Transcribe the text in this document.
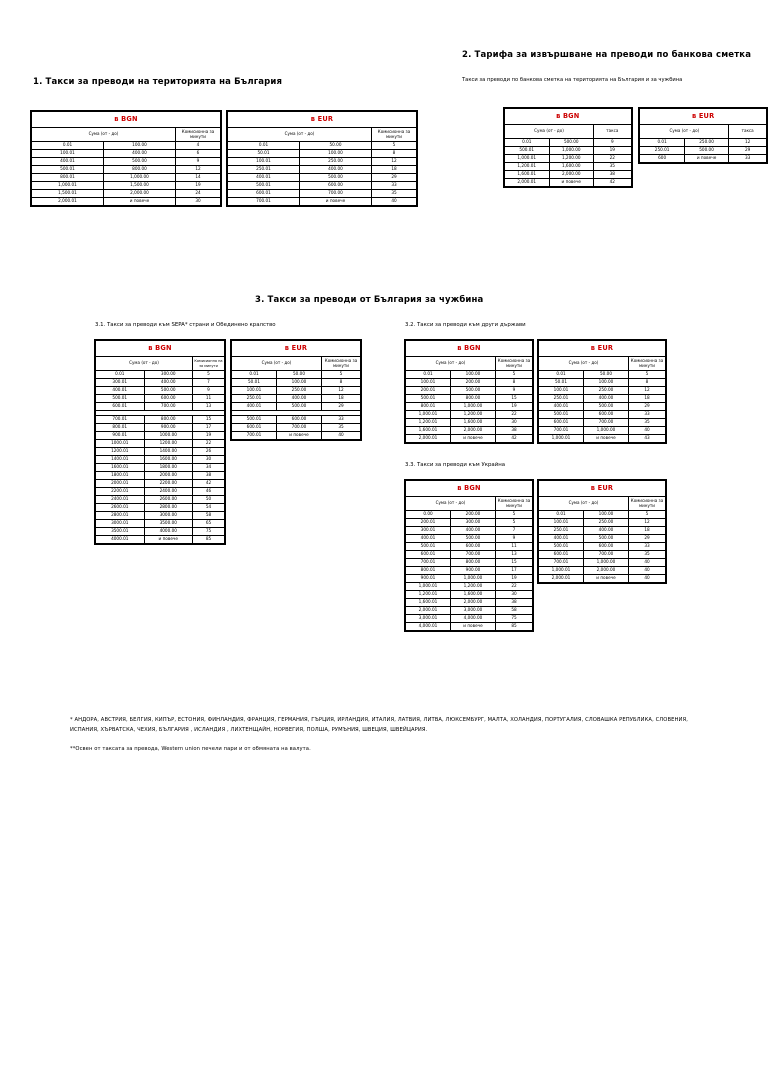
2. Тарифа за извършване на преводи по банкова сметка
Такси за преводи по банкова сметка на територията на България и за чужбина
в BGN		
Сума (от - до)		такса
0.01	500.00	9
500.01	1,000.00	19
1,000.01	1,200.00	22
1,200.01	1,600.00	35
1,600.01	2,000.00	38
2,000.01	и повече	42
в EUR		
Сума (от - до)		такса
0.01	250.00	12
250.01	500.00	29
600	и повече	33
1. Такси за преводи на територията на България
в BGN		
Сума (от - до)		Комисионна за минути
0.01	100.00	4
100.01	400.00	6
400.01	500.00	9
500.01	800.00	12
800.01	1,000.00	14
1,000.01	1,500.00	19
1,500.01	2,000.00	24
2,000.01	и повече	30
в EUR		
Сума (от - до)		Комисионна за минути
0.01	50.00	5
50.01	100.00	8
100.01	250.00	12
250.01	400.00	18
400.01	500.00	29
500.01	600.00	33
600.01	700.00	35
700.01	и повече	40
3. Такси за преводи от България за чужбина
3.1. Такси за преводи към SEPA* страни и Обединено кралство
в BGN		
Сума (от - до)		Комисионна на за минути
0.01	300.00	5
300.01	400.00	7
400.01	500.00	9
500.01	600.00	11
600.01	700.00	13

700.01	800.00	15
800.01	900.00	17
900.01	1000.00	19
1000.01	1200.00	22
1200.01	1400.00	26
1400.01	1600.00	30
1600.01	1800.00	34
1800.01	2000.00	38
2000.01	2200.00	42
2200.01	2400.00	46
2400.01	2600.00	50
2600.01	2800.00	54
2800.01	3000.00	58
3000.01	3500.00	65
3500.01	4000.00	75
4000.01	и повече	85
в EUR		
Сума (от - до)		Комисионна за минути
0.01	50.00	5
50.01	100.00	8
100.01	250.00	12
250.01	400.00	18
400.01	500.00	29

500.01	600.00	33
600.01	700.00	35
700.01	и повече	40
3.2. Такси за преводи към други държави
в BGN		
Сума (от - до)		Комисионна за минути
0.01	100.00	5
100.01	200.00	8
200.01	500.00	9
500.01	800.00	15
800.01	1,000.00	19
1,000.01	1,200.00	22
1,200.01	1,600.00	30
1,600.01	2,000.00	38
2,000.01	и повече	42
в EUR		
Сума (от - до)		Комисионна за минути
0.01	50.00	5
50.01	100.00	8
100.01	250.00	12
250.01	400.00	18
400.01	500.00	29
500.01	600.00	33
600.01	700.00	35
700.01	1,000.00	40
1,000.01	и повече	43
3.3. Такси за преводи към Украйна
в BGN		
Сума (от - до)		Комисионна за минути
0.00	200.00	5
200.01	300.00	5
300.01	400.00	7
400.01	500.00	9
500.01	600.00	11
600.01	700.00	13
700.01	800.00	15
800.01	900.00	17
900.01	1,000.00	19
1,000.01	1,200.00	22
1,200.01	1,600.00	30
1,600.01	2,000.00	38
2,000.01	3,000.00	58
3,000.01	4,000.00	75
4,000.01	и повече	85
в EUR		
Сума (от - до)		Комисионна за минути
0.01	100.00	5
100.01	250.00	12
250.01	400.00	18
400.01	500.00	29
500.01	600.00	33
600.01	700.00	35
700.01	1,000.00	40
1,000.01	2,000.00	40
2,000.01	и повече	40

* АНДОРА, АВСТРИЯ, БЕЛГИЯ, КИПЪР, ЕСТОНИЯ, ФИНЛАНДИЯ, ФРАНЦИЯ, ГЕРМАНИЯ, ГЪРЦИЯ, ИРЛАНДИЯ, ИТАЛИЯ, ЛАТВИЯ, ЛИТВА, ЛЮКСЕМБУРГ, МАЛТА, ХОЛАНДИЯ, ПОРТУГАЛИЯ, СЛОВАШКА РЕПУБЛИКА, СЛОВЕНИЯ, ИСПАНИЯ, ХЪРВАТСКА, ЧЕХИЯ, БЪЛГАРИЯ , ИСЛАНДИЯ , ЛИХТЕНЩАЙН, НОРВЕГИЯ, ПОЛША, РУМЪНИЯ, ШВЕЦИЯ, ШВЕЙЦАРИЯ.

**Освен от таксата за превода, Western union печели пари и от обмяната на валута.
